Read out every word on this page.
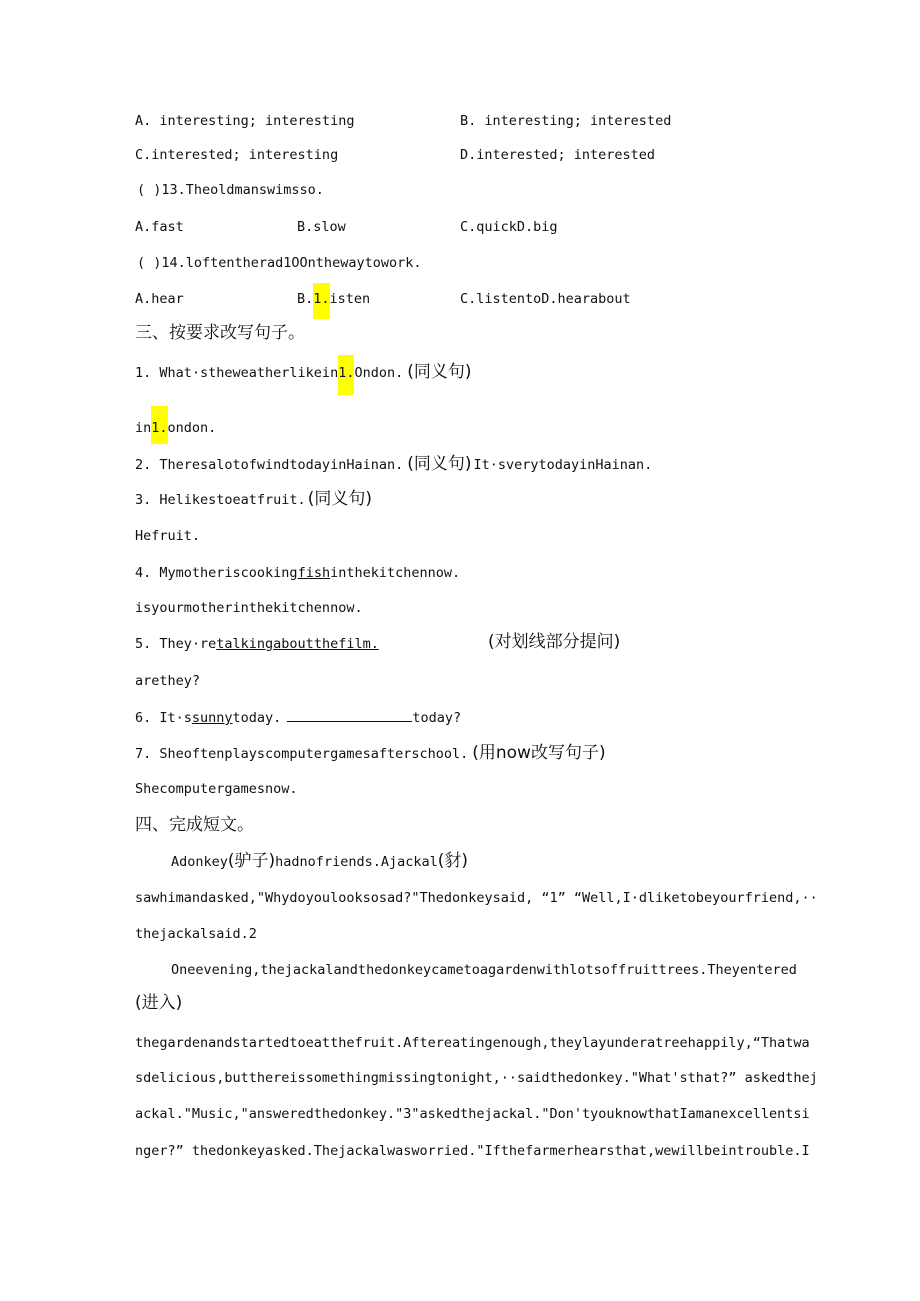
A. interesting; interesting	B. interesting; interested
C.interested; interesting	D.interested; interested
( )13.Theoldmanswimsso.
A.fast	B.slow	C.quickD.big
( )14.loftentherad1OOnthewaytowork.
A.hear	B.1.isten	C.listentoD.hearabout
三、按要求改写句子。
1. What·stheweatherlikein1.Ondon. (同义句)
in1.ondon.
2. TheresalotofwindtodayinHainan. (同义句) It·sverytodayinHainan.
3. Helikestoeatfruit. (同义句)
Hefruit.
4. Mymotheriscookingfishinthekitchennow.
isyourmotherinthekitchennow.
5. They·retalkingaboutthefilm.	(对划线部分提问)
arethey?
6. It·ssunnytoday.	today?
7. Sheoftenplayscomputergamesafterschool. (用now改写句子)
Shecomputergamesnow.
四、完成短文。
Adonkey(驴子)hadnofriends.Ajackal(豺)
sawhimandasked,"Whydoyoulooksosad?"Thedonkeysaid, “1” “Well,I·dliketobeyourfriend,··
thejackalsaid.2
Oneevening,thejackalandthedonkeycametoagardenwithlotsoffruittrees.Theyentered
(进入)
thegardenandstartedtoeatthefruit.Aftereatingenough,theylayunderatreehappily,“Thatwa
sdelicious,butthereissomethingmissingtonight,··saidthedonkey."What'sthat?” askedthej
ackal."Music,"answeredthedonkey."3"askedthejackal."Don'tyouknowthatIamanexcellentsi
nger?” thedonkeyasked.Thejackalwasworried."Ifthefarmerhearsthat,wewillbeintrouble.I
